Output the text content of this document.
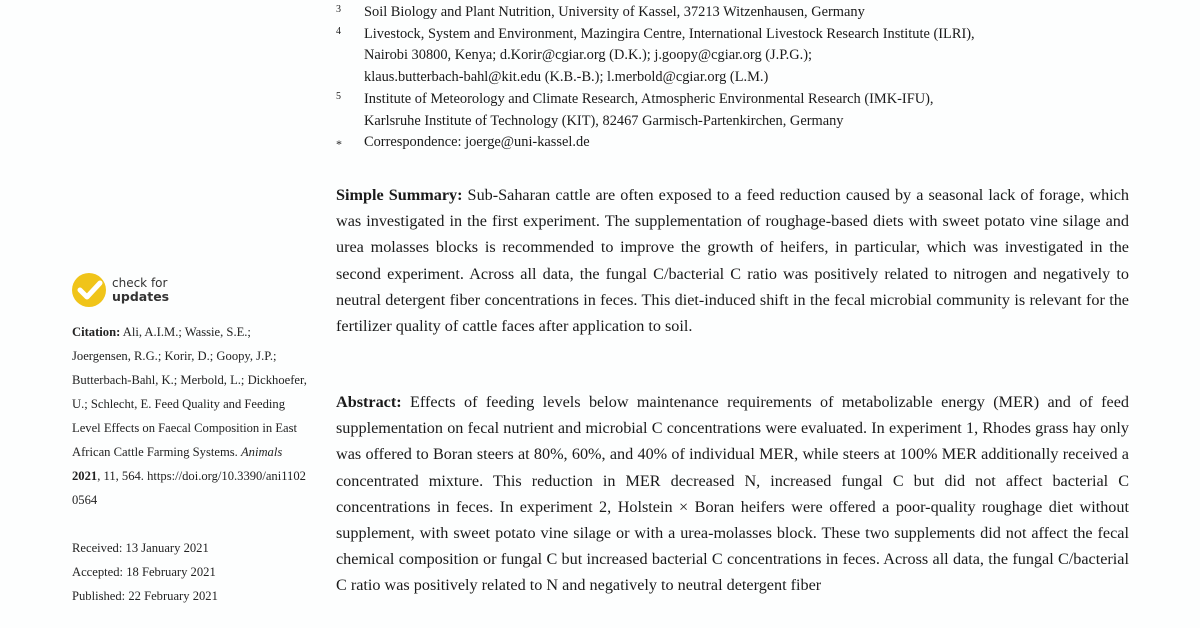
3 Soil Biology and Plant Nutrition, University of Kassel, 37213 Witzenhausen, Germany
4 Livestock, System and Environment, Mazingira Centre, International Livestock Research Institute (ILRI),
Nairobi 30800, Kenya; d.Korir@cgiar.org (D.K.); j.goopy@cgiar.org (J.P.G.);
klaus.butterbach-bahl@kit.edu (K.B.-B.); l.merbold@cgiar.org (L.M.)
5 Institute of Meteorology and Climate Research, Atmospheric Environmental Research (IMK-IFU),
Karlsruhe Institute of Technology (KIT), 82467 Garmisch-Partenkirchen, Germany
* Correspondence: joerge@uni-kassel.de
Simple Summary: Sub-Saharan cattle are often exposed to a feed reduction caused by a seasonal lack of forage, which was investigated in the first experiment. The supplementation of roughage-based diets with sweet potato vine silage and urea molasses blocks is recommended to improve the growth of heifers, in particular, which was investigated in the second experiment. Across all data, the fungal C/bacterial C ratio was positively related to nitrogen and negatively to neutral detergent fiber concentrations in feces. This diet-induced shift in the fecal microbial community is relevant for the fertilizer quality of cattle faces after application to soil.
Abstract: Effects of feeding levels below maintenance requirements of metabolizable energy (MER) and of feed supplementation on fecal nutrient and microbial C concentrations were evaluated. In experiment 1, Rhodes grass hay only was offered to Boran steers at 80%, 60%, and 40% of individual MER, while steers at 100% MER additionally received a concentrated mixture. This reduction in MER decreased N, increased fungal C but did not affect bacterial C concentrations in feces. In experiment 2, Holstein × Boran heifers were offered a poor-quality roughage diet without supplement, with sweet potato vine silage or with a urea-molasses block. These two supplements did not affect the fecal chemical composition or fungal C but increased bacterial C concentrations in feces. Across all data, the fungal C/bacterial C ratio was positively related to N and negatively to neutral detergent fiber
check for
updates
Citation: Ali, A.I.M.; Wassie, S.E.; Joergensen, R.G.; Korir, D.; Goopy, J.P.; Butterbach-Bahl, K.; Merbold, L.; Dickhoefer, U.; Schlecht, E. Feed Quality and Feeding Level Effects on Faecal Composition in East African Cattle Farming Systems. Animals 2021, 11, 564. https://doi.org/10.3390/ani11020564
Received: 13 January 2021
Accepted: 18 February 2021
Published: 22 February 2021
